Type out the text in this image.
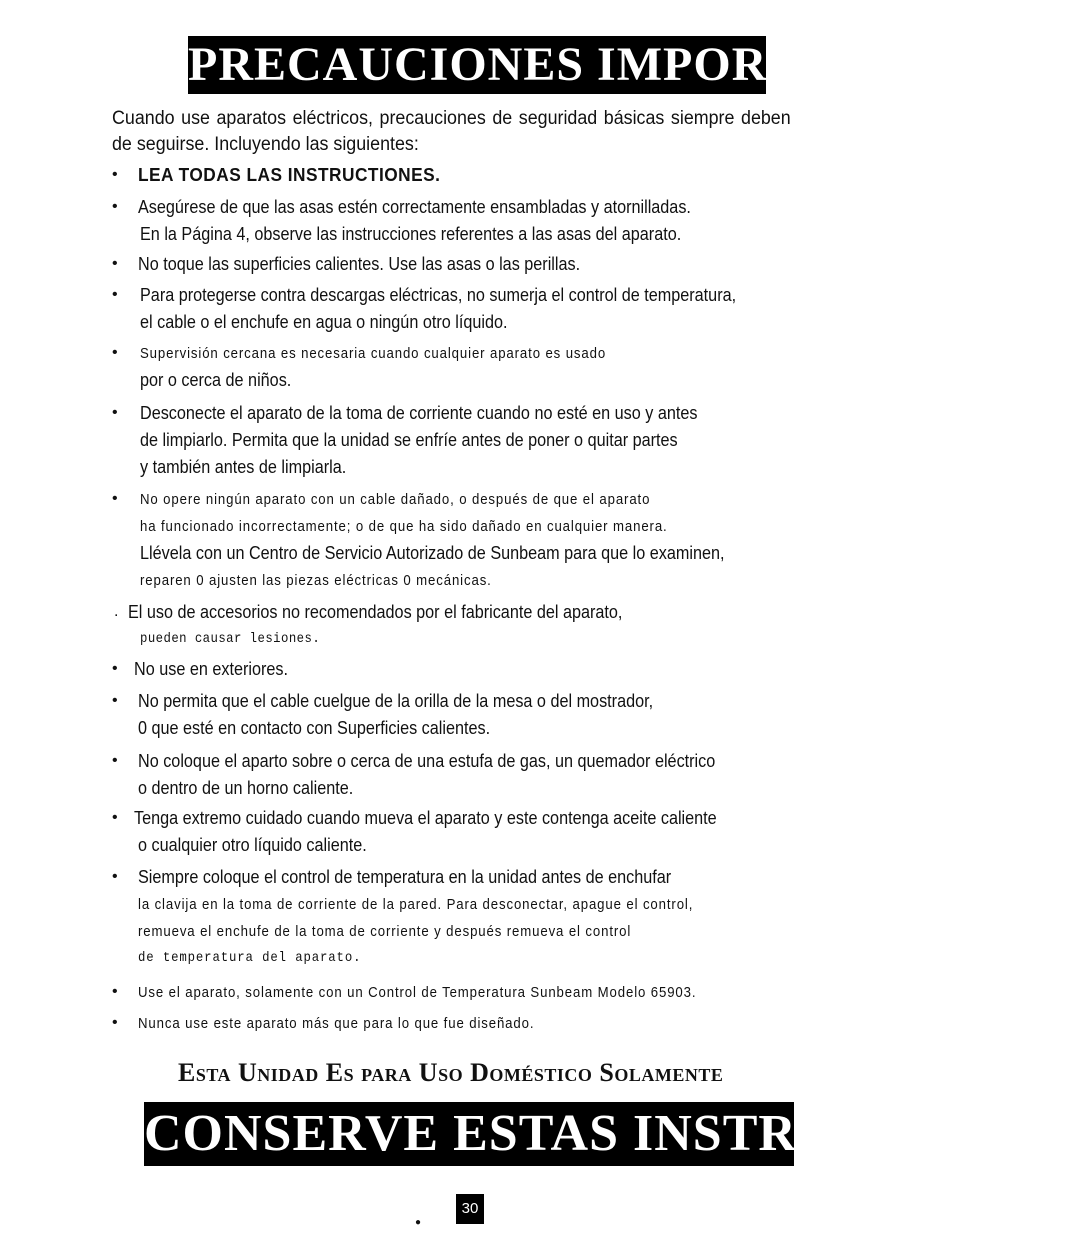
PRECAUCIONES IMPORTANTES
Cuando use aparatos eléctricos, precauciones de seguridad básicas siempre deben de seguirse. Incluyendo las siguientes:
• LEA TODAS LAS INSTRUCTIONES.
• Asegúrese de que las asas estén correctamente ensambladas y atornilladas.
En la Página 4, observe las instrucciones referentes a las asas del aparato.
• No toque las superficies calientes. Use las asas o las perillas.
• Para protegerse contra descargas eléctricas, no sumerja el control de temperatura,
el cable o el enchufe en agua o ningún otro líquido.
• Supervisión cercana es necesaria cuando cualquier aparato es usado
por o cerca de niños.
• Desconecte el aparato de la toma de corriente cuando no esté en uso y antes
de limpiarlo. Permita que la unidad se enfríe antes de poner o quitar partes
y también antes de limpiarla.
• No opere ningún aparato con un cable dañado, o después de que el aparato
ha funcionado incorrectamente; o de que ha sido dañado en cualquier manera.
Llévela con un Centro de Servicio Autorizado de Sunbeam para que lo examinen,
reparen 0 ajusten las piezas eléctricas 0 mecánicas.
. El uso de accesorios no recomendados por el fabricante del aparato,
pueden causar lesiones.
• No use en exteriores.
• No permita que el cable cuelgue de la orilla de la mesa o del mostrador,
0 que esté en contacto con Superficies calientes.
• No coloque el aparto sobre o cerca de una estufa de gas, un quemador eléctrico
o dentro de un horno caliente.
• Tenga extremo cuidado cuando mueva el aparato y este contenga aceite caliente
o cualquier otro líquido caliente.
• Siempre coloque el control de temperatura en la unidad antes de enchufar
la clavija en la toma de corriente de la pared. Para desconectar, apague el control,
remueva el enchufe de la toma de corriente y después remueva el control
de temperatura del aparato.
• Use el aparato, solamente con un Control de Temperatura Sunbeam Modelo 65903.
• Nunca use este aparato más que para lo que fue diseñado.
Esta Unidad Es para Uso Doméstico Solamente
CONSERVE ESTAS INSTRUCTIONES
30
●
